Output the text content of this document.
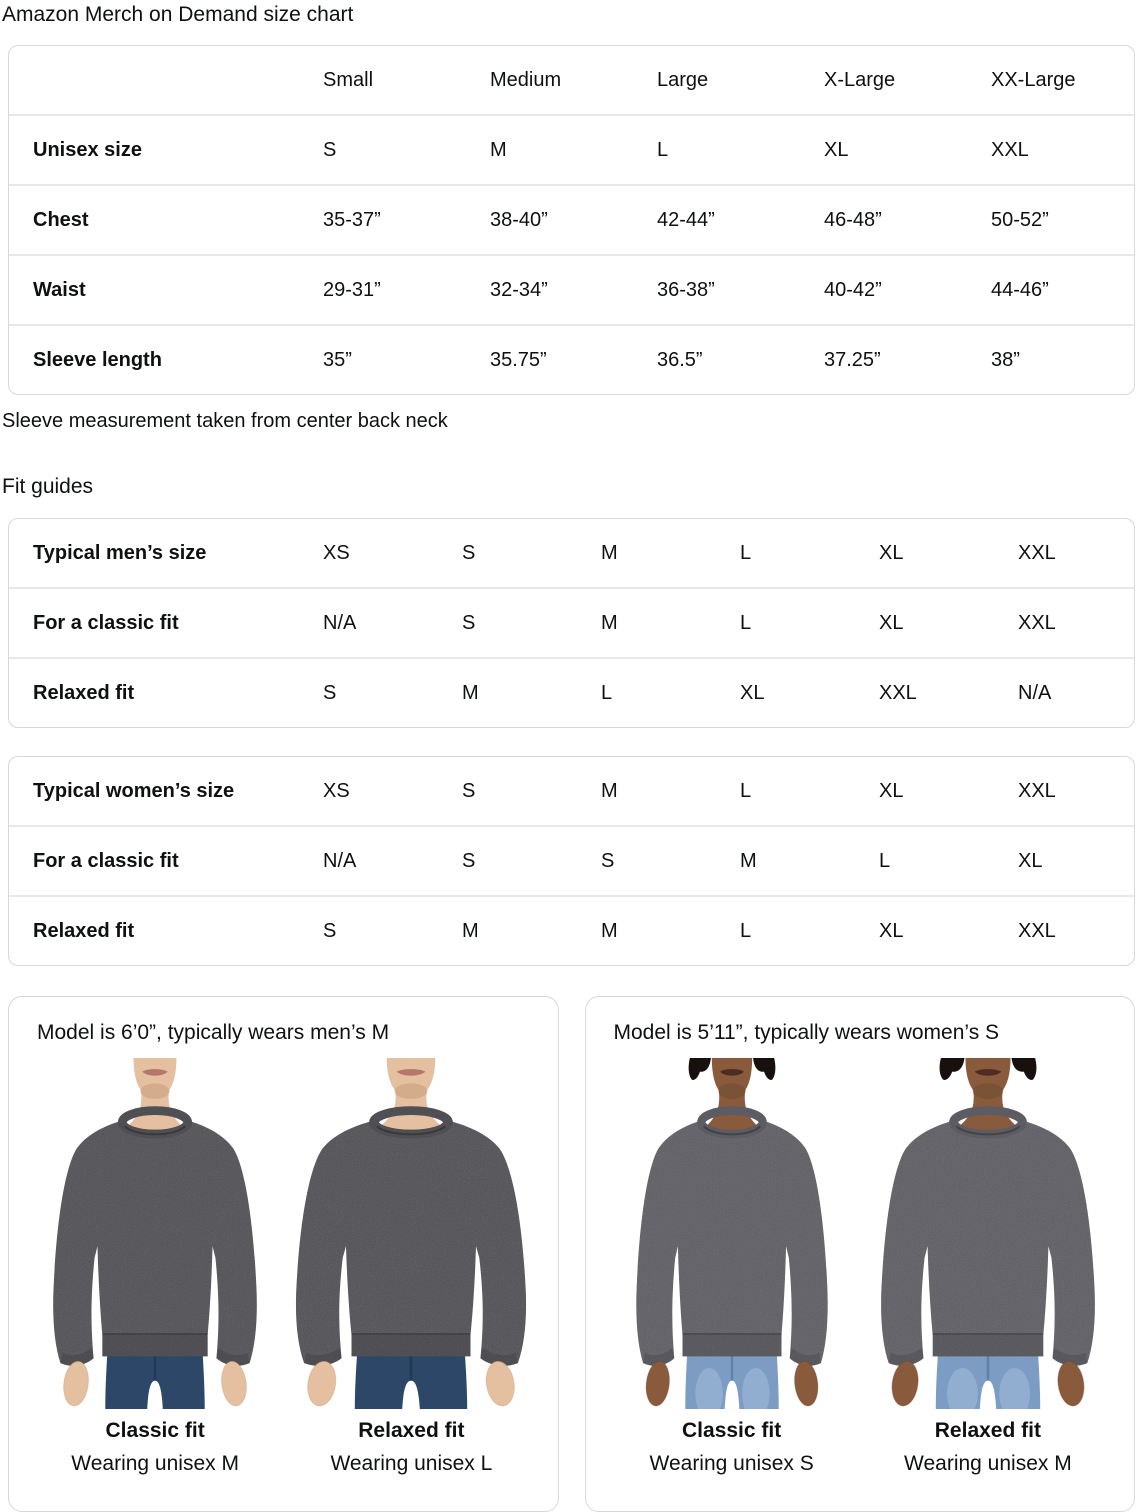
Amazon Merch on Demand size chart
	Small	Medium	Large	X-Large	XX-Large
Unisex size	S	M	L	XL	XXL
Chest	35-37”	38-40”	42-44”	46-48”	50-52”
Waist	29-31”	32-34”	36-38”	40-42”	44-46”
Sleeve length	35”	35.75”	36.5”	37.25”	38”

Sleeve measurement taken from center back neck

Fit guides
Typical men’s size	XS	S	M	L	XL	XXL
For a classic fit	N/A	S	M	L	XL	XXL
Relaxed fit	S	M	L	XL	XXL	N/A
Typical women’s size	XS	S	M	L	XL	XXL
For a classic fit	N/A	S	S	M	L	XL
Relaxed fit	S	M	M	L	XL	XXL

Model is 6’0”, typically wears men’s M

Classic fit
Wearing unisex M
Relaxed fit
Wearing unisex L

Model is 5’11”, typically wears women’s S

Classic fit
Wearing unisex S
Relaxed fit
Wearing unisex M
